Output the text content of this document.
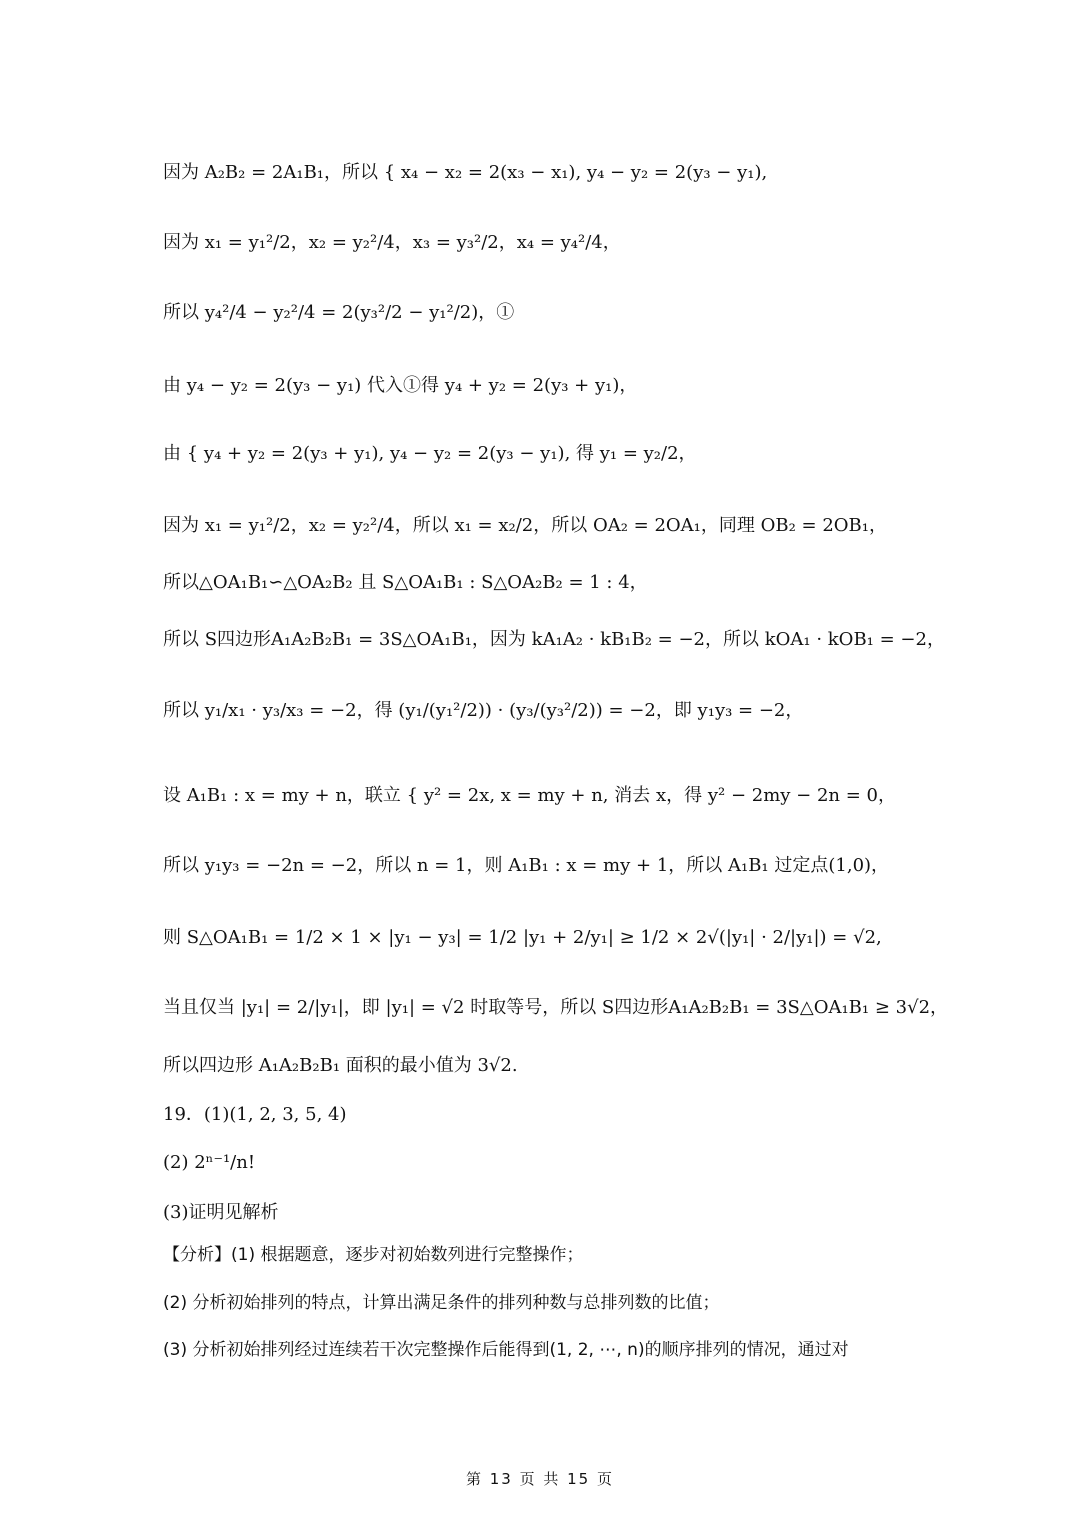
因为 A₂B₂ = 2A₁B₁，所以 { x₄ − x₂ = 2(x₃ − x₁), y₄ − y₂ = 2(y₃ − y₁),
因为 x₁ = y₁²/2，x₂ = y₂²/4，x₃ = y₃²/2，x₄ = y₄²/4，
所以 y₄²/4 − y₂²/4 = 2(y₃²/2 − y₁²/2)，①
由 y₄ − y₂ = 2(y₃ − y₁) 代入①得 y₄ + y₂ = 2(y₃ + y₁)，
由 { y₄ + y₂ = 2(y₃ + y₁), y₄ − y₂ = 2(y₃ − y₁), 得 y₁ = y₂/2，
因为 x₁ = y₁²/2，x₂ = y₂²/4，所以 x₁ = x₂/2，所以 OA₂ = 2OA₁，同理 OB₂ = 2OB₁，
所以△OA₁B₁∽△OA₂B₂ 且 S△OA₁B₁ : S△OA₂B₂ = 1 : 4，
所以 S四边形A₁A₂B₂B₁ = 3S△OA₁B₁，因为 kA₁A₂ · kB₁B₂ = −2，所以 kOA₁ · kOB₁ = −2，
所以 y₁/x₁ · y₃/x₃ = −2，得 (y₁/(y₁²/2)) · (y₃/(y₃²/2)) = −2，即 y₁y₃ = −2，
设 A₁B₁ : x = my + n，联立 { y² = 2x, x = my + n, 消去 x，得 y² − 2my − 2n = 0，
所以 y₁y₃ = −2n = −2，所以 n = 1，则 A₁B₁ : x = my + 1，所以 A₁B₁ 过定点(1,0)，
则 S△OA₁B₁ = 1/2 × 1 × |y₁ − y₃| = 1/2 |y₁ + 2/y₁| ≥ 1/2 × 2√(|y₁| · 2/|y₁|) = √2,
当且仅当 |y₁| = 2/|y₁|，即 |y₁| = √2 时取等号，所以 S四边形A₁A₂B₂B₁ = 3S△OA₁B₁ ≥ 3√2，
所以四边形 A₁A₂B₂B₁ 面积的最小值为 3√2.
19．(1)(1, 2, 3, 5, 4)
(2) 2ⁿ⁻¹/n!
(3)证明见解析
【分析】(1) 根据题意，逐步对初始数列进行完整操作；
(2) 分析初始排列的特点，计算出满足条件的排列种数与总排列数的比值；
(3) 分析初始排列经过连续若干次完整操作后能得到(1, 2, ⋯, n)的顺序排列的情况，通过对
第 13 页 共 15 页
